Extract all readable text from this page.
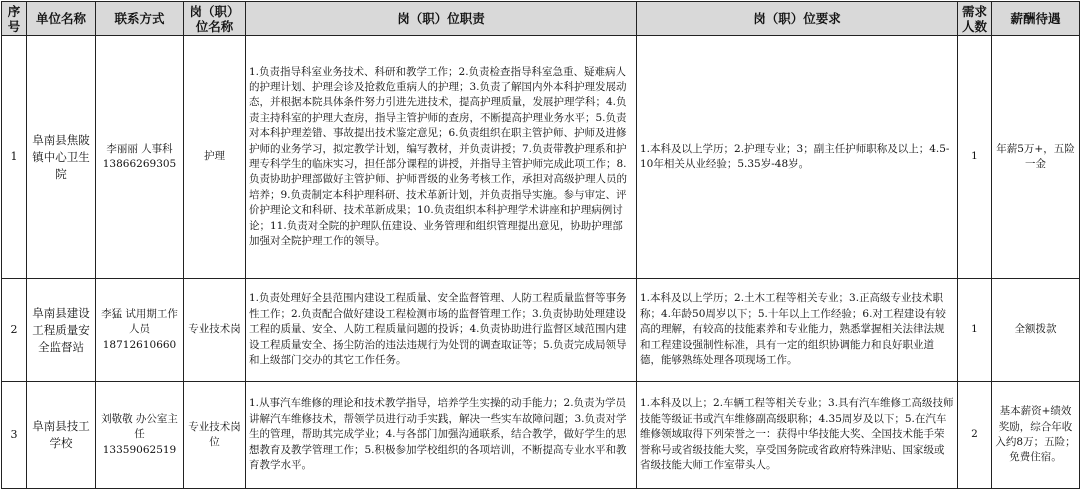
序号	单位名称	联系方式	岗（职）位名称	岗（职）位职责	岗（职）位要求	需求人数	薪酬待遇
1	阜南县焦陂镇中心卫生院	李丽丽 人事科 13866269305	护理	1.负责指导科室业务技术、科研和教学工作；2.负责检查指导科室急重、疑难病人的护理计划、护理会诊及抢救危重病人的护理；3.负责了解国内外本科护理发展动态，并根据本院具体条件努力引进先进技术，提高护理质量，发展护理学科；4.负责主持科室的护理大查房，指导主管护师的查房，不断提高护理业务水平；5.负责对本科护理差错、事故提出技术鉴定意见；6.负责组织在职主管护师、护师及进修护师的业务学习，拟定教学计划，编写教材，并负责讲授；7.负责带教护理系和护理专科学生的临床实习，担任部分课程的讲授，并指导主管护师完成此项工作；8.负责协助护理部做好主管护师、护师晋级的业务考核工作，承担对高级护理人员的培养；9.负责制定本科护理科研、技术革新计划，并负责指导实施。参与审定、评价护理论文和科研、技术革新成果；10.负责组织本科护理学术讲座和护理病例讨论；11.负责对全院的护理队伍建设、业务管理和组织管理提出意见，协助护理部加强对全院护理工作的领导。	1.本科及以上学历；2.护理专业；3；副主任护师职称及以上；4.5-10年相关从业经验；5.35岁-48岁。	1	年薪5万+，五险一金
2	阜南县建设工程质量安全监督站	李猛 试用期工作人员 18712610660	专业技术岗	1.负责处理好全县范围内建设工程质量、安全监督管理、人防工程质量监督等事务性工作；2.负责配合做好建设工程检测市场的监督管理工作；3.负责协助处理建设工程的质量、安全、人防工程质量问题的投诉；4.负责协助进行监督区域范围内建设工程质量安全、扬尘防治的违法违规行为处罚的调查取证等；5.负责完成局领导和上级部门交办的其它工作任务。	1.本科及以上学历；2.土木工程等相关专业；3.正高级专业技术职称；4.年龄50周岁以下；5.十年以上工作经验；6.对工程建设有较高的理解，有较高的技能素养和专业能力，熟悉掌握相关法律法规和工程建设强制性标准，具有一定的组织协调能力和良好职业道德，能够熟练处理各项现场工作。	1	全额拨款
3	阜南县技工学校	刘敬敬 办公室主任 13359062519	专业技术岗位	1.从事汽车维修的理论和技术教学指导，培养学生实操的动手能力；2.负责为学员讲解汽车维修技术，帮领学员进行动手实践，解决一些实车故障问题；3.负责对学生的管理，帮助其完成学业；4.与各部门加强沟通联系，结合教学，做好学生的思想教育及教学管理工作；5.积极参加学校组织的各项培训，不断提高专业水平和教育教学水平。	1.本科及以上；2.车辆工程等相关专业；3.具有汽车维修工高级技师技能等级证书或汽车维修副高级职称；4.35周岁及以下；5.在汽车维修领域取得下列荣誉之一：获得中华技能大奖、全国技术能手荣誉称号或省级技能大奖，享受国务院或省政府特殊津贴、国家级或省级技能大师工作室带头人。	2	基本薪资+绩效奖励，综合年收入约8万；五险；免费住宿。
